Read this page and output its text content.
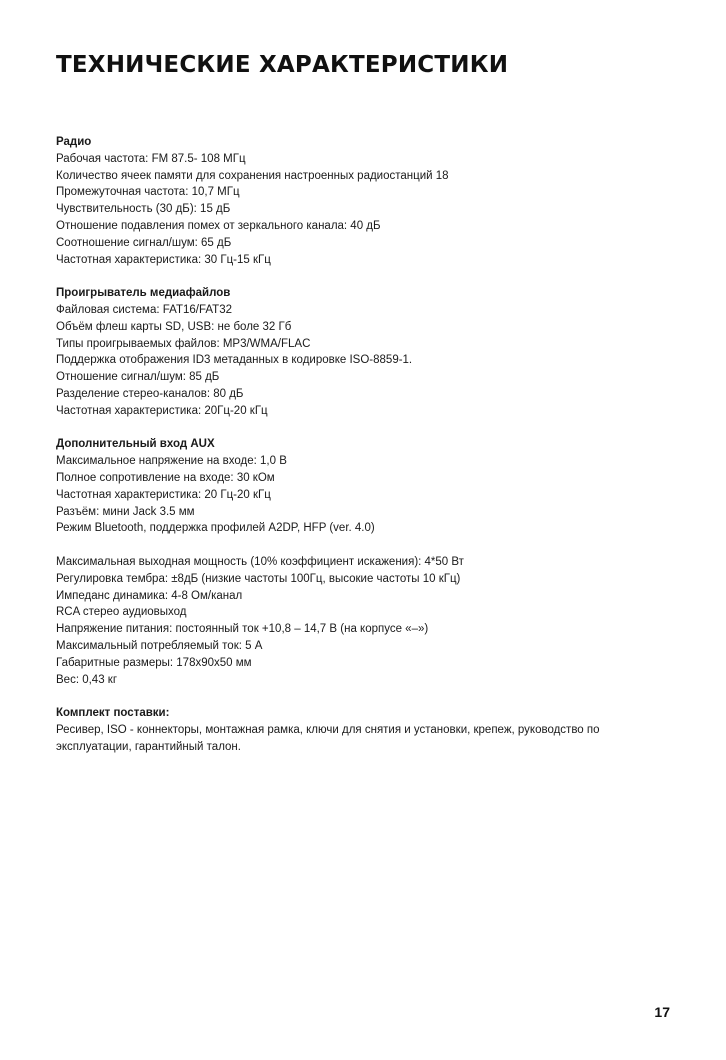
ТЕХНИЧЕСКИЕ ХАРАКТЕРИСТИКИ

Радио

Рабочая частота: FM 87.5- 108 МГц

Количество ячеек памяти для сохранения настроенных радиостанций 18

Промежуточная частота: 10,7 МГц

Чувствительность (30 дБ): 15 дБ

Отношение подавления помех от зеркального канала: 40 дБ

Соотношение сигнал/шум: 65 дБ

Частотная характеристика: 30 Гц-15 кГц

Проигрыватель медиафайлов

Файловая система: FAT16/FAT32

Объём флеш карты SD, USB: не боле 32 Гб

Типы проигрываемых файлов: MP3/WMA/FLAC

Поддержка отображения ID3 метаданных в кодировке ISO-8859-1.

Отношение сигнал/шум: 85 дБ

Разделение стерео-каналов: 80 дБ

Частотная характеристика: 20Гц-20 кГц

Дополнительный вход AUX

Максимальное напряжение на входе: 1,0 В

Полное сопротивление на входе: 30 кОм

Частотная характеристика: 20 Гц-20 кГц

Разъём: мини Jack 3.5 мм

Режим Bluetooth, поддержка профилей A2DP, HFP (ver. 4.0)

Максимальная выходная мощность (10% коэффициент искажения): 4*50 Вт

Регулировка тембра: ±8дБ (низкие частоты 100Гц, высокие частоты 10 кГц)

Импеданс динамика: 4-8 Ом/канал

RCA стерео аудиовыход

Напряжение питания: постоянный ток +10,8 – 14,7 В (на корпусе «–»)

Максимальный потребляемый ток: 5 А

Габаритные размеры: 178х90х50 мм

Вес: 0,43 кг

Комплект поставки:

Ресивер, ISO - коннекторы, монтажная рамка, ключи для снятия и установки, крепеж, руководство по эксплуатации, гарантийный талон.

17
